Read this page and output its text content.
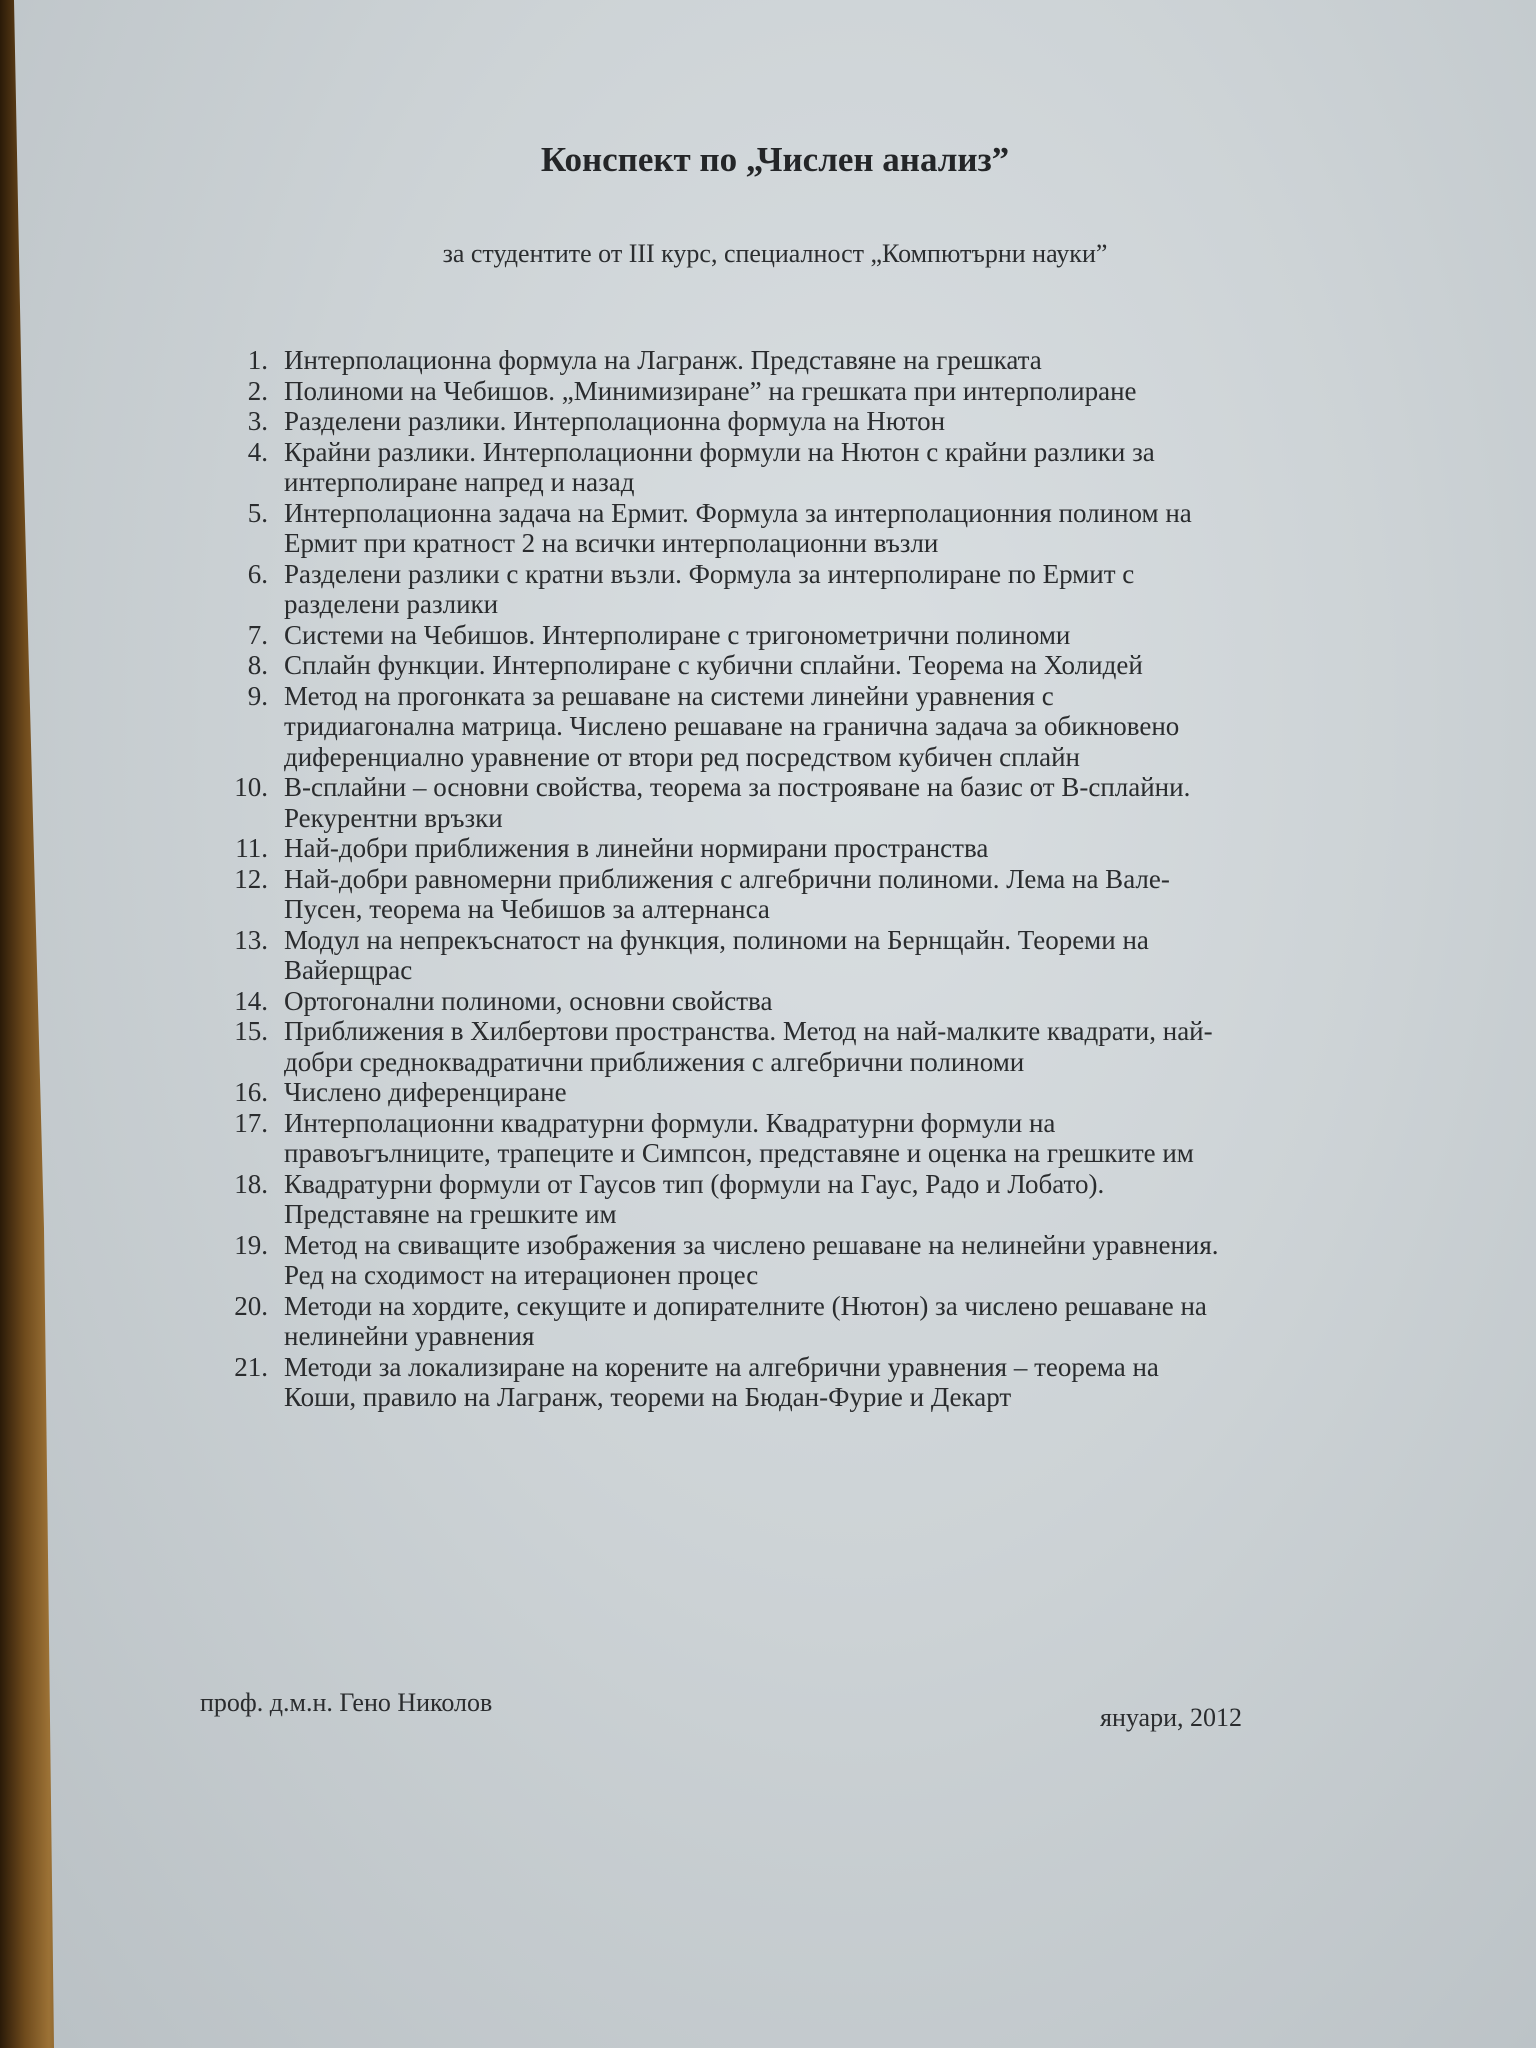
Конспект по „Числен анализ”

за студентите от III курс, специалност „Компютърни науки”

1. Интерполационна формула на Лагранж. Представяне на грешката
2. Полиноми на Чебишов. „Минимизиране” на грешката при интерполиране
3. Разделени разлики. Интерполационна формула на Нютон
4. Крайни разлики. Интерполационни формули на Нютон с крайни разлики за
интерполиране напред и назад
5. Интерполационна задача на Ермит. Формула за интерполационния полином на
Ермит при кратност 2 на всички интерполационни възли
6. Разделени разлики с кратни възли. Формула за интерполиране по Ермит с
разделени разлики
7. Системи на Чебишов. Интерполиране с тригонометрични полиноми
8. Сплайн функции. Интерполиране с кубични сплайни. Теорема на Холидей
9. Метод на прогонката за решаване на системи линейни уравнения с
тридиагонална матрица. Числено решаване на гранична задача за обикновено
диференциално уравнение от втори ред посредством кубичен сплайн
10. B-сплайни – основни свойства, теорема за построяване на базис от B-сплайни.
Рекурентни връзки
11. Най-добри приближения в линейни нормирани пространства
12. Най-добри равномерни приближения с алгебрични полиноми. Лема на Вале-
Пусен, теорема на Чебишов за алтернанса
13. Модул на непрекъснатост на функция, полиноми на Бернщайн. Теореми на
Вайерщрас
14. Ортогонални полиноми, основни свойства
15. Приближения в Хилбертови пространства. Метод на най-малките квадрати, най-
добри средноквадратични приближения с алгебрични полиноми
16. Числено диференциране
17. Интерполационни квадратурни формули. Квадратурни формули на
правоъгълниците, трапеците и Симпсон, представяне и оценка на грешките им
18. Квадратурни формули от Гаусов тип (формули на Гаус, Радо и Лобато).
Представяне на грешките им
19. Метод на свиващите изображения за числено решаване на нелинейни уравнения.
Ред на сходимост на итерационен процес
20. Методи на хордите, секущите и допирателните (Нютон) за числено решаване на
нелинейни уравнения
21. Методи за локализиране на корените на алгебрични уравнения – теорема на
Коши, правило на Лагранж, теореми на Бюдан-Фурие и Декарт
проф. д.м.н. Гено Николов
януари, 2012
